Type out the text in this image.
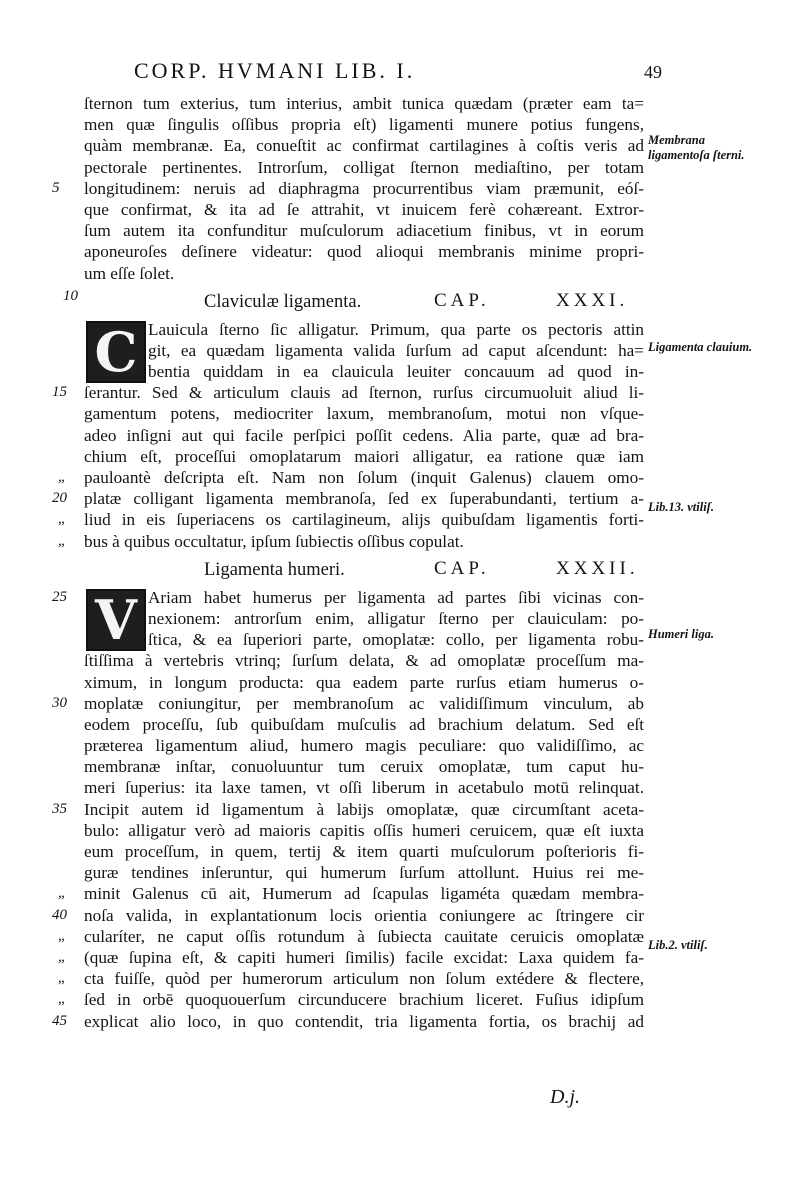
CORP. HVMANI LIB. I.	49
ſternon tum exterius, tum interius, ambit tunica quædam (præter eam ta=
men quæ ſingulis oſſibus propria eſt) ligamenti munere potius fungens,
quàm membranæ. Ea, conueſtit ac confirmat cartilagines à coſtis veris ad
pectorale pertinentes. Introrſum, colligat ſternon mediaſtino, per totam
5	longitudinem: neruis ad diaphragma procurrentibus viam præmunit, eóſ-
que confirmat, & ita ad ſe attrahit, vt inuicem ferè cohæreant. Extror-
ſum autem ita confunditur muſculorum adiacetium finibus, vt in eorum
aponeuroſes deſinere videatur: quod alioqui membranis minime propri-
um eſſe ſolet.
10	Claviculæ ligamenta.	CAP.	XXXI.
C Lauicula ſterno ſic alligatur. Primum, qua parte os pectoris attin
git, ea quædam ligamenta valida ſurſum ad caput aſcendunt: ha=
bentia quiddam in ea clauicula leuiter concauum ad quod in-
15 ſerantur. Sed & articulum clauis ad ſternon, rurſus circumuoluit aliud li-
gamentum potens, mediocriter laxum, membranoſum, motui non vſque-
adeo inſigni aut qui facile perſpici poſſit cedens. Alia parte, quæ ad bra-
chium eſt, proceſſui omoplatarum maiori alligatur, ea ratione quæ iam
„	pauloantè deſcripta eſt. Nam non ſolum (inquit Galenus) clauem omo-
20 platæ colligant ligamenta membranoſa, ſed ex ſuperabundanti, tertium a-
„	liud in eis ſuperiacens os cartilagineum, alijs quibuſdam ligamentis forti-
„	bus à quibus occultatur, ipſum ſubiectis oſſibus copulat.
Ligamenta humeri.	CAP.	XXXII.
V
25	Ariam habet humerus per ligamenta ad partes ſibi vicinas con-
nexionem: antrorſum enim, alligatur ſterno per clauiculam: po-
ſtica, & ea ſuperiori parte, omoplatæ: collo, per ligamenta robu-
ſtiſſima à vertebris vtrinq; ſurſum delata, & ad omoplatæ proceſſum ma-
ximum, in longum producta: qua eadem parte rurſus etiam humerus o-
30 moplatæ coniungitur, per membranoſum ac validiſſimum vinculum, ab
eodem proceſſu, ſub quibuſdam muſculis ad brachium delatum. Sed eſt
præterea ligamentum aliud, humero magis peculiare: quo validiſſimo, ac
membranæ inſtar, conuoluuntur tum ceruix omoplatæ, tum caput hu-
meri ſuperius: ita laxe tamen, vt oſſi liberum in acetabulo motū relinquat.
35 Incipit autem id ligamentum à labijs omoplatæ, quæ circumſtant aceta-
bulo: alligatur verò ad maioris capitis oſſis humeri ceruicem, quæ eſt iuxta
eum proceſſum, in quem, tertij & item quarti muſculorum poſterioris fi-
guræ tendines inſeruntur, qui humerum ſurſum attollunt. Huius rei me-
„	minit Galenus cū ait, Humerum ad ſcapulas ligaméta quædam membra-
40 noſa valida, in explantationum locis orientia coniungere ac ſtringere cir
„	cularíter, ne caput oſſis rotundum à ſubiecta cauitate ceruicis omoplatæ
„	(quæ ſupina eſt, & capiti humeri ſimilis) facile excidat: Laxa quidem fa-
„	cta fuiſſe, quòd per humerorum articulum non ſolum extédere & flectere,
„	ſed in orbē quoquouerſum circunducere brachium liceret. Fuſius idipſum
45 explicat alio loco, in quo contendit, tria ligamenta fortia, os brachij ad
Membrana ligamentoſa ſterni.
Ligamenta clauium.
Lib.13. vtiliſ.
Humeri liga.
Lib.2. vtiliſ.
D.j.
